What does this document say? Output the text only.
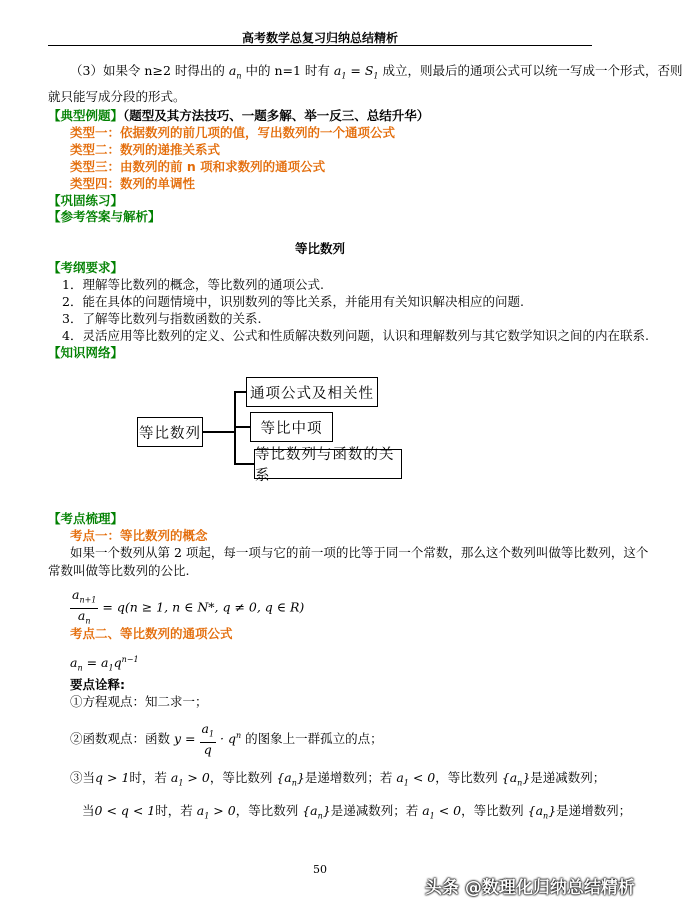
高考数学总复习归纳总结精析
（3）如果令 n≥2 时得出的 $a_n$ 中的 n=1 时有 $a_1 = S_1$ 成立，则最后的通项公式可以统一写成一个形式，否则
就只能写成分段的形式。
【典型例题】（题型及其方法技巧、一题多解、举一反三、总结升华）
类型一：依据数列的前几项的值，写出数列的一个通项公式
类型二：数列的递推关系式
类型三：由数列的前 n 项和求数列的通项公式
类型四：数列的单调性
【巩固练习】
【参考答案与解析】
等比数列
【考纲要求】
1．理解等比数列的概念，等比数列的通项公式.
2．能在具体的问题情境中，识别数列的等比关系，并能用有关知识解决相应的问题.
3．了解等比数列与指数函数的关系.
4．灵活应用等比数列的定义、公式和性质解决数列问题，认识和理解数列与其它数学知识之间的内在联系.
【知识网络】
等比数列
通项公式及相关性
等比中项
等比数列与函数的关系
【考点梳理】
考点一：等比数列的概念
如果一个数列从第 2 项起，每一项与它的前一项的比等于同一个常数，那么这个数列叫做等比数列，这个
常数叫做等比数列的公比.
$\frac{a_{n+1}}{a_n} = q(n \ge 1$, n ∈ N*, q ≠ 0, q ∈ R)
考点二、等比数列的通项公式
$a_n = a_1q^{n-1}$
要点诠释:
①方程观点：知二求一；
②函数观点：函数 $y = \frac{a_1}{q} \cdot q^n$ 的图象上一群孤立的点；
③当q > 1时，若 $a_1 > 0$，等比数列 $\{a_n\}$是递增数列；若 $a_1 < 0$，等比数列 $\{a_n\}$是递减数列；
当0 < q < 1时，若 $a_1 > 0$，等比数列 $\{a_n\}$是递减数列；若 $a_1 < 0$，等比数列 $\{a_n\}$是递增数列；
50
头条 @数理化归纳总结精析
